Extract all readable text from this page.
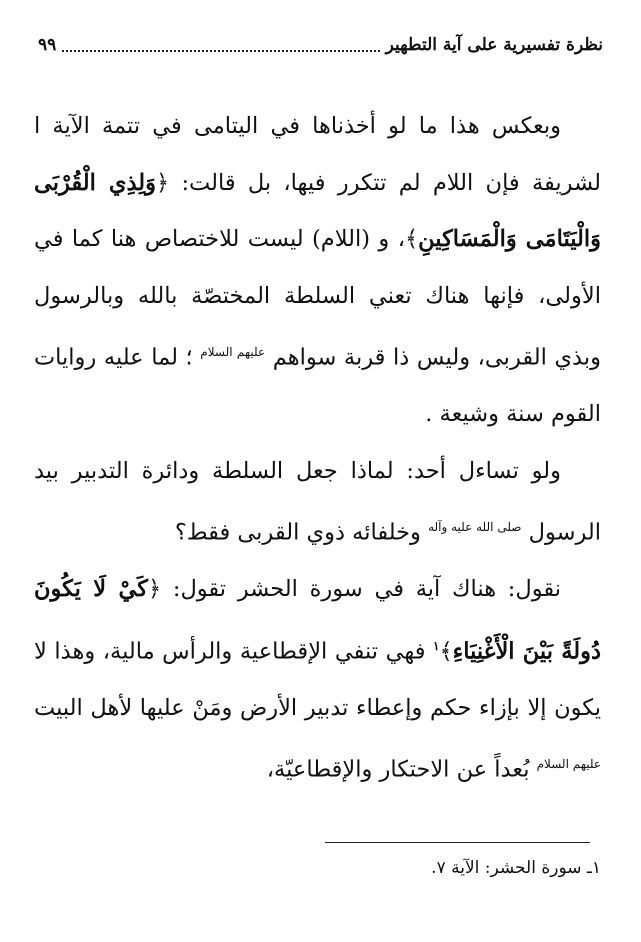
نظرة تفسيرية على آية التطهير
٩٩

وبعكس هذا ما لو أخذناها في اليتامى في تتمة الآية ا لشريفة فإن اللام لم تتكرر فيها، بل قالت: ﴿وَلِذِي الْقُرْبَى وَالْيَتَامَى وَالْمَسَاكِينِ﴾، و (اللام) ليست للاختصاص هنا كما في الأولى، فإنها هناك تعني السلطة المختصّة بالله وبالرسول وبذي القربى، وليس ذا قربة سواهم $^{عليهم السلام}$ ؛ لما عليه روايات القوم سنة وشيعة .

ولو تساءل أحد: لماذا جعل السلطة ودائرة التدبير بيد الرسول $^{صلى الله عليه وآله}$ وخلفائه ذوي القربى فقط؟

نقول: هناك آية في سورة الحشر تقول: ﴿كَيْ لَا يَكُونَ دُولَةً بَيْنَ الْأَغْنِيَاءِ﴾$^١$ فهي تنفي الإقطاعية والرأس مالية، وهذا لا يكون إلا بإزاء حكم وإعطاء تدبير الأرض ومَنْ عليها لأهل البيت $^{عليهم السلام}$ بُعداً عن الاحتكار والإقطاعيّة،

١ـ سورة الحشر: الآية ٧.
